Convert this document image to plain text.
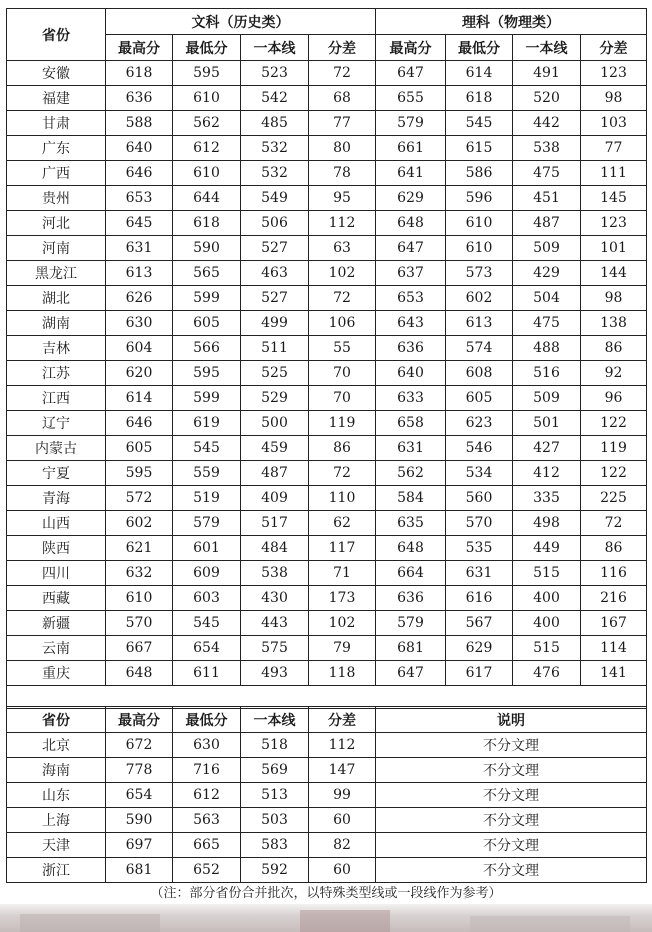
省份	文科（历史类）				理科（物理类）			
	最高分	最低分	一本线	分差	最高分	最低分	一本线	分差
安徽	618	595	523	72	647	614	491	123
福建	636	610	542	68	655	618	520	98
甘肃	588	562	485	77	579	545	442	103
广东	640	612	532	80	661	615	538	77
广西	646	610	532	78	641	586	475	111
贵州	653	644	549	95	629	596	451	145
河北	645	618	506	112	648	610	487	123
河南	631	590	527	63	647	610	509	101
黑龙江	613	565	463	102	637	573	429	144
湖北	626	599	527	72	653	602	504	98
湖南	630	605	499	106	643	613	475	138
吉林	604	566	511	55	636	574	488	86
江苏	620	595	525	70	640	608	516	92
江西	614	599	529	70	633	605	509	96
辽宁	646	619	500	119	658	623	501	122
内蒙古	605	545	459	86	631	546	427	119
宁夏	595	559	487	72	562	534	412	122
青海	572	519	409	110	584	560	335	225
山西	602	579	517	62	635	570	498	72
陕西	621	601	484	117	648	535	449	86
四川	632	609	538	71	664	631	515	116
西藏	610	603	430	173	636	616	400	216
新疆	570	545	443	102	579	567	400	167
云南	667	654	575	79	681	629	515	114
重庆	648	611	493	118	647	617	476	141

省份	最高分	最低分	一本线	分差	说明
北京	672	630	518	112	不分文理
海南	778	716	569	147	不分文理
山东	654	612	513	99	不分文理
上海	590	563	503	60	不分文理
天津	697	665	583	82	不分文理
浙江	681	652	592	60	不分文理
（注：部分省份合并批次，以特殊类型线或一段线作为参考）
